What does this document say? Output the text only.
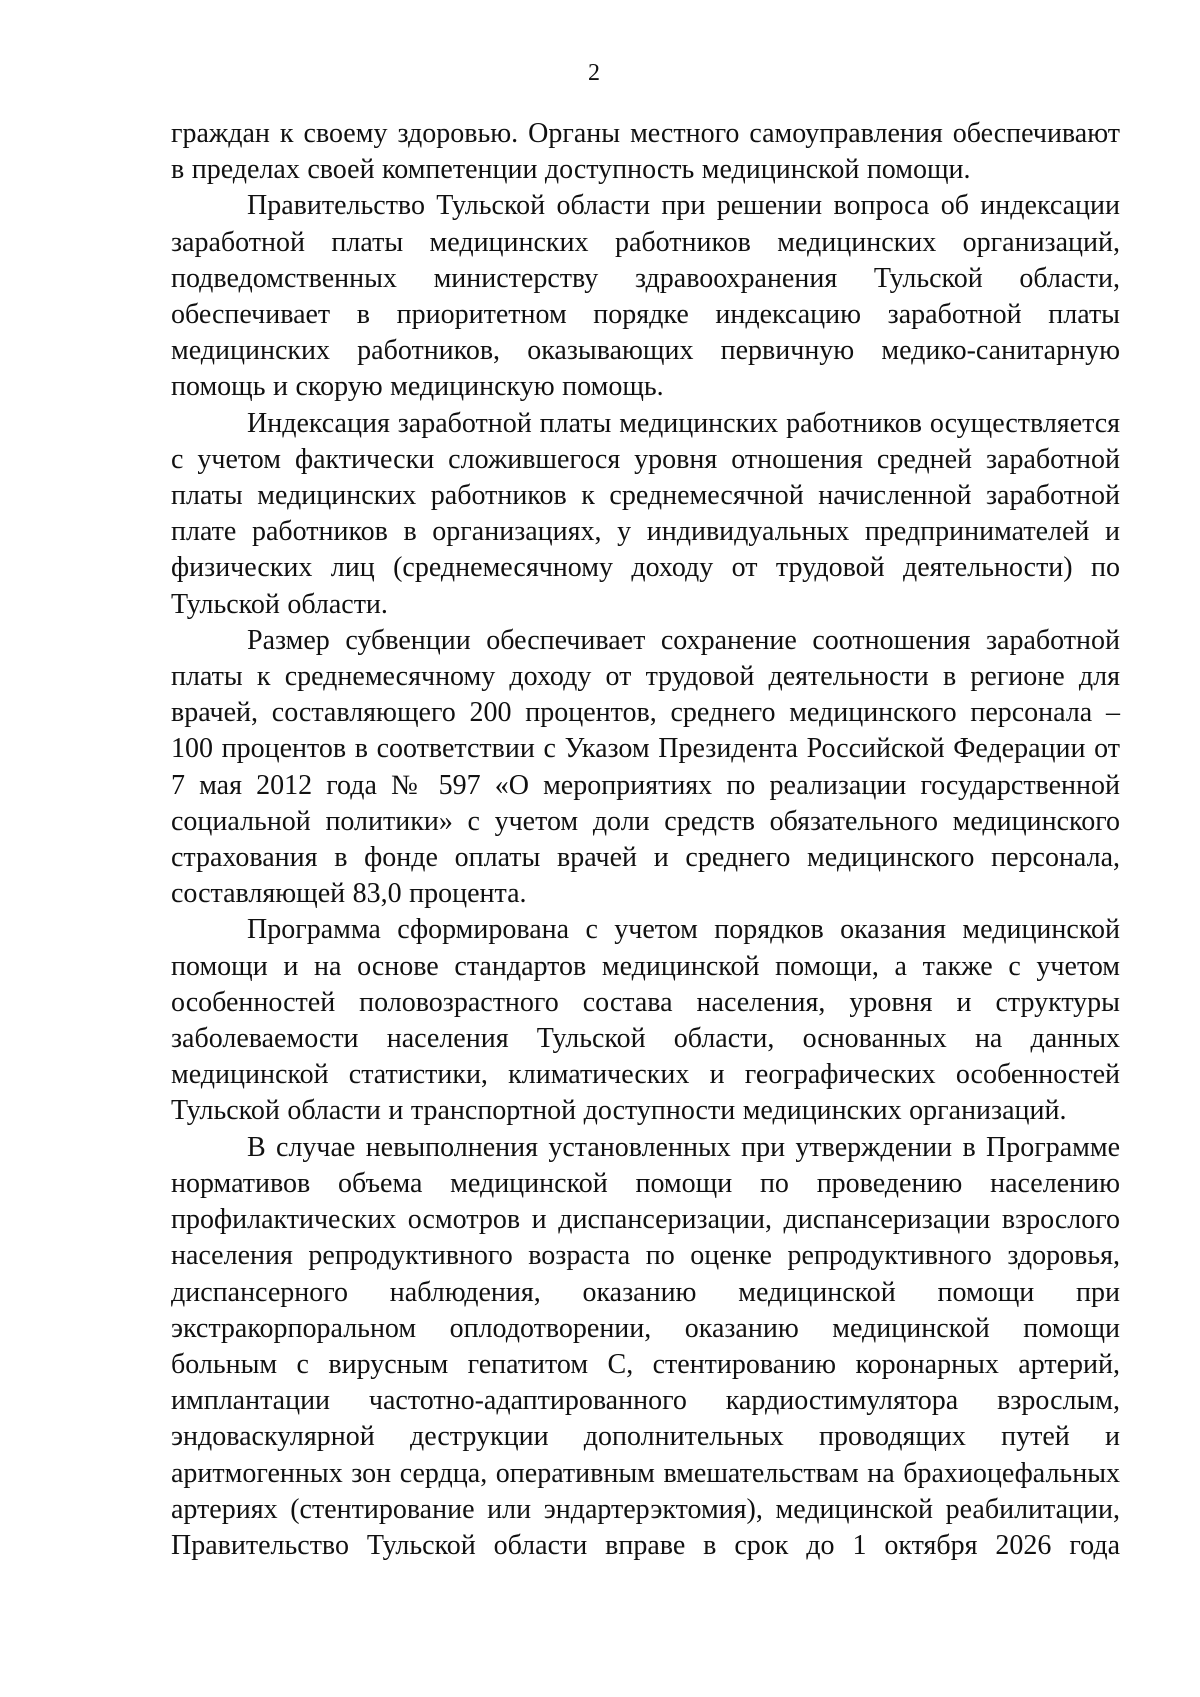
2

граждан к своему здоровью. Органы местного самоуправления обеспечивают в пределах своей компетенции доступность медицинской помощи.

Правительство Тульской области при решении вопроса об индексации заработной платы медицинских работников медицинских организаций, подведомственных министерству здравоохранения Тульской области, обеспечивает в приоритетном порядке индексацию заработной платы медицинских работников, оказывающих первичную медико-санитарную помощь и скорую медицинскую помощь.

Индексация заработной платы медицинских работников осуществляется с учетом фактически сложившегося уровня отношения средней заработной платы медицинских работников к среднемесячной начисленной заработной плате работников в организациях, у индивидуальных предпринимателей и физических лиц (среднемесячному доходу от трудовой деятельности) по Тульской области.

Размер субвенции обеспечивает сохранение соотношения заработной платы к среднемесячному доходу от трудовой деятельности в регионе для врачей, составляющего 200 процентов, среднего медицинского персонала – 100 процентов в соответствии с Указом Президента Российской Федерации от 7 мая 2012 года № 597 «О мероприятиях по реализации государственной социальной политики» с учетом доли средств обязательного медицинского страхования в фонде оплаты врачей и среднего медицинского персонала, составляющей 83,0 процента.

Программа сформирована с учетом порядков оказания медицинской помощи и на основе стандартов медицинской помощи, а также с учетом особенностей половозрастного состава населения, уровня и структуры заболеваемости населения Тульской области, основанных на данных медицинской статистики, климатических и географических особенностей Тульской области и транспортной доступности медицинских организаций.

В случае невыполнения установленных при утверждении в Программе нормативов объема медицинской помощи по проведению населению профилактических осмотров и диспансеризации, диспансеризации взрослого населения репродуктивного возраста по оценке репродуктивного здоровья, диспансерного наблюдения, оказанию медицинской помощи при экстракорпоральном оплодотворении, оказанию медицинской помощи больным с вирусным гепатитом С, стентированию коронарных артерий, имплантации частотно-адаптированного кардиостимулятора взрослым, эндоваскулярной деструкции дополнительных проводящих путей и аритмогенных зон сердца, оперативным вмешательствам на брахиоцефальных артериях (стентирование или эндартерэктомия), медицинской реабилитации, Правительство Тульской области вправе в срок до 1 октября 2026 года
